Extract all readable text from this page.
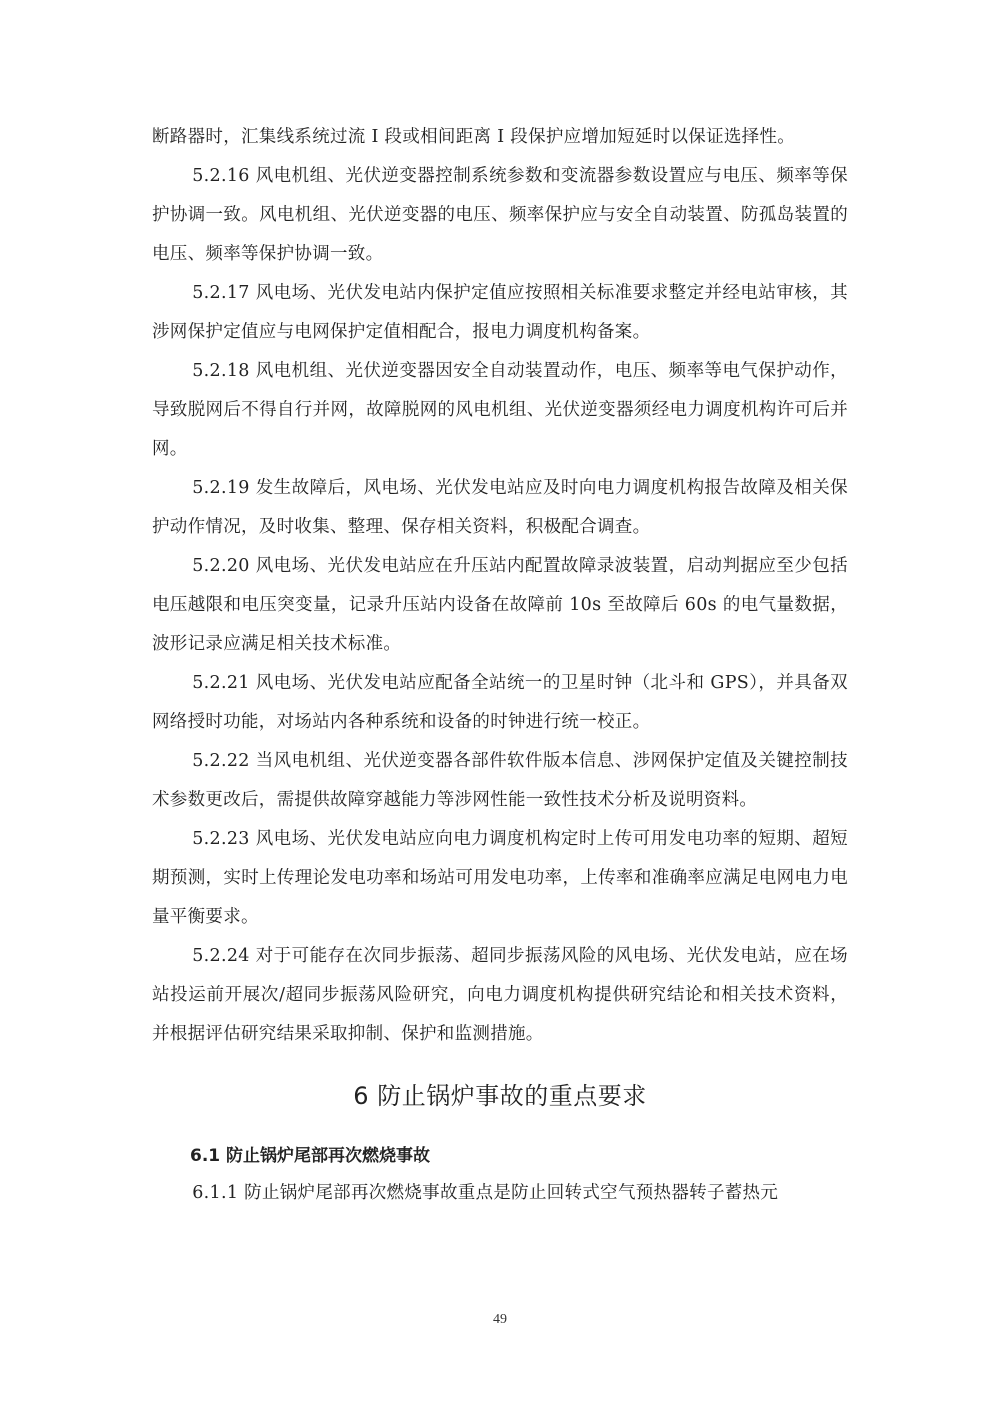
断路器时，汇集线系统过流 I 段或相间距离 I 段保护应增加短延时以保证选择性。

5.2.16 风电机组、光伏逆变器控制系统参数和变流器参数设置应与电压、频率等保护协调一致。风电机组、光伏逆变器的电压、频率保护应与安全自动装置、防孤岛装置的电压、频率等保护协调一致。

5.2.17 风电场、光伏发电站内保护定值应按照相关标准要求整定并经电站审核，其涉网保护定值应与电网保护定值相配合，报电力调度机构备案。

5.2.18 风电机组、光伏逆变器因安全自动装置动作，电压、频率等电气保护动作，导致脱网后不得自行并网，故障脱网的风电机组、光伏逆变器须经电力调度机构许可后并网。

5.2.19 发生故障后，风电场、光伏发电站应及时向电力调度机构报告故障及相关保护动作情况，及时收集、整理、保存相关资料，积极配合调查。

5.2.20 风电场、光伏发电站应在升压站内配置故障录波装置，启动判据应至少包括电压越限和电压突变量，记录升压站内设备在故障前 10s 至故障后 60s 的电气量数据，波形记录应满足相关技术标准。

5.2.21 风电场、光伏发电站应配备全站统一的卫星时钟（北斗和 GPS），并具备双网络授时功能，对场站内各种系统和设备的时钟进行统一校正。

5.2.22 当风电机组、光伏逆变器各部件软件版本信息、涉网保护定值及关键控制技术参数更改后，需提供故障穿越能力等涉网性能一致性技术分析及说明资料。

5.2.23 风电场、光伏发电站应向电力调度机构定时上传可用发电功率的短期、超短期预测，实时上传理论发电功率和场站可用发电功率，上传率和准确率应满足电网电力电量平衡要求。

5.2.24 对于可能存在次同步振荡、超同步振荡风险的风电场、光伏发电站，应在场站投运前开展次/超同步振荡风险研究，向电力调度机构提供研究结论和相关技术资料，并根据评估研究结果采取抑制、保护和监测措施。

6 防止锅炉事故的重点要求
6.1 防止锅炉尾部再次燃烧事故

6.1.1 防止锅炉尾部再次燃烧事故重点是防止回转式空气预热器转子蓄热元

49
